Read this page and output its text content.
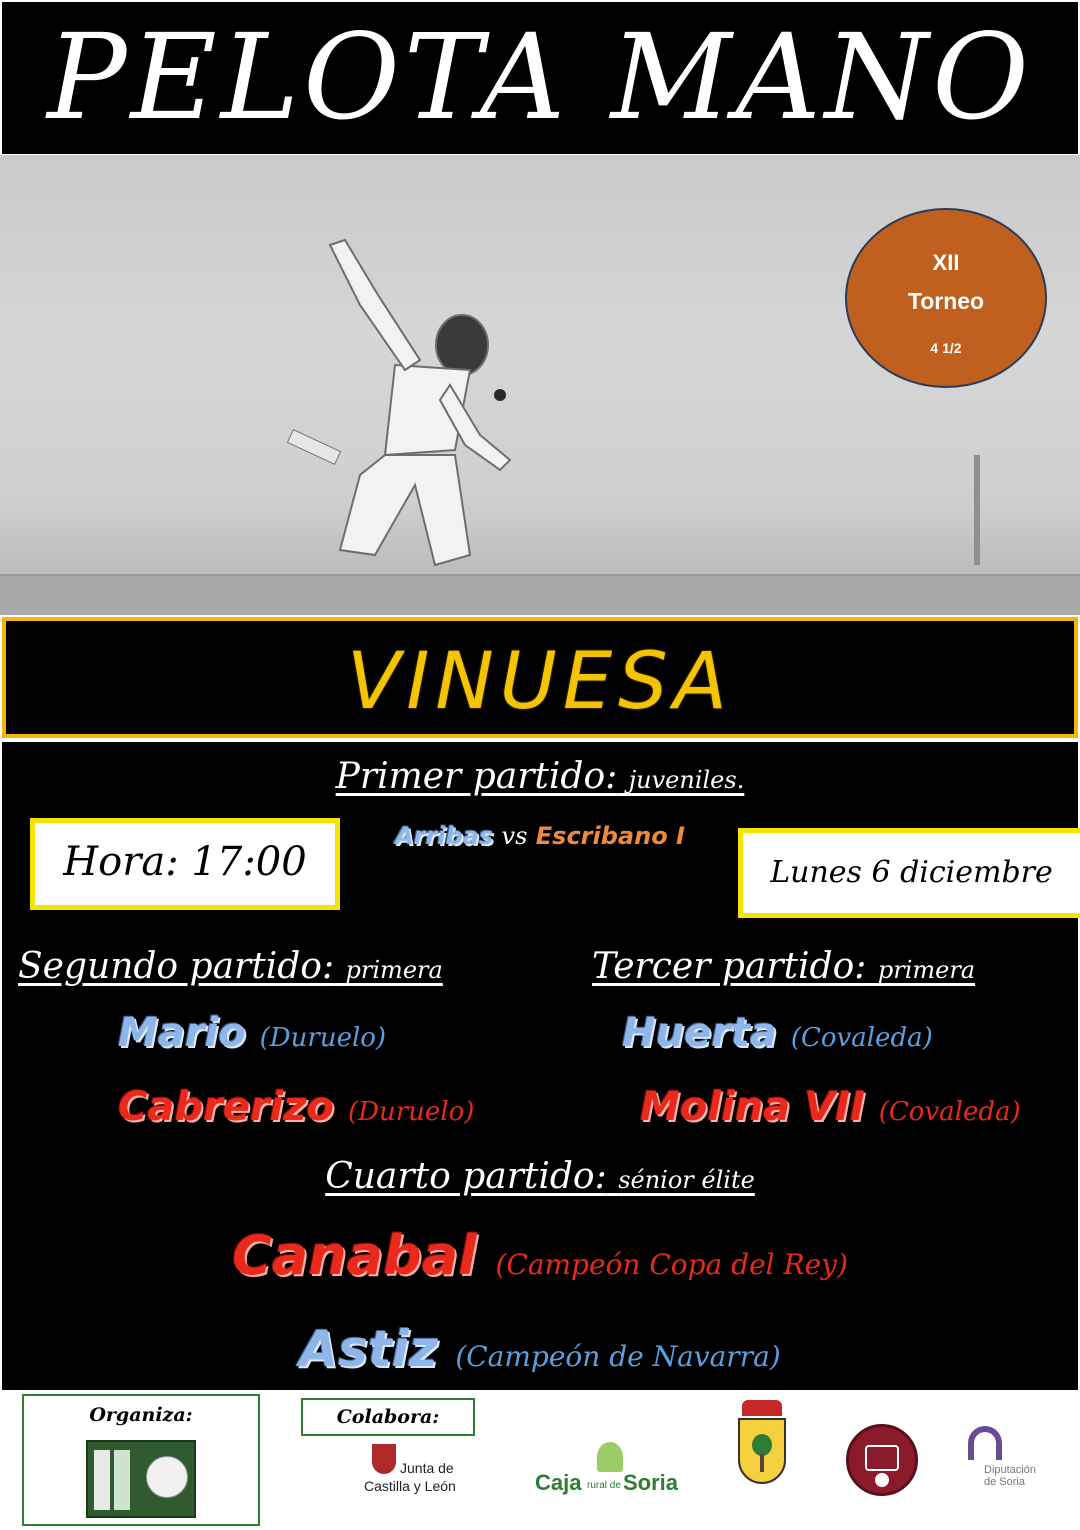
PELOTA MANO
XII
Torneo
4 1/2
VINUESA
Primer partido: juveniles.
Arribas vs Escribano I
Hora: 17:00	Lunes 6 diciembre
Segundo partido: primera
Mario (Duruelo)
Cabrerizo (Duruelo)
Tercer partido: primera
Huerta (Covaleda)
Molina VII (Covaleda)
Cuarto partido: sénior élite
Canabal (Campeón Copa del Rey)
Astiz (Campeón de Navarra)
Organiza:	Colabora:
Junta de
Castilla y León	Caja rural de Soria	Diputación
de Soria
